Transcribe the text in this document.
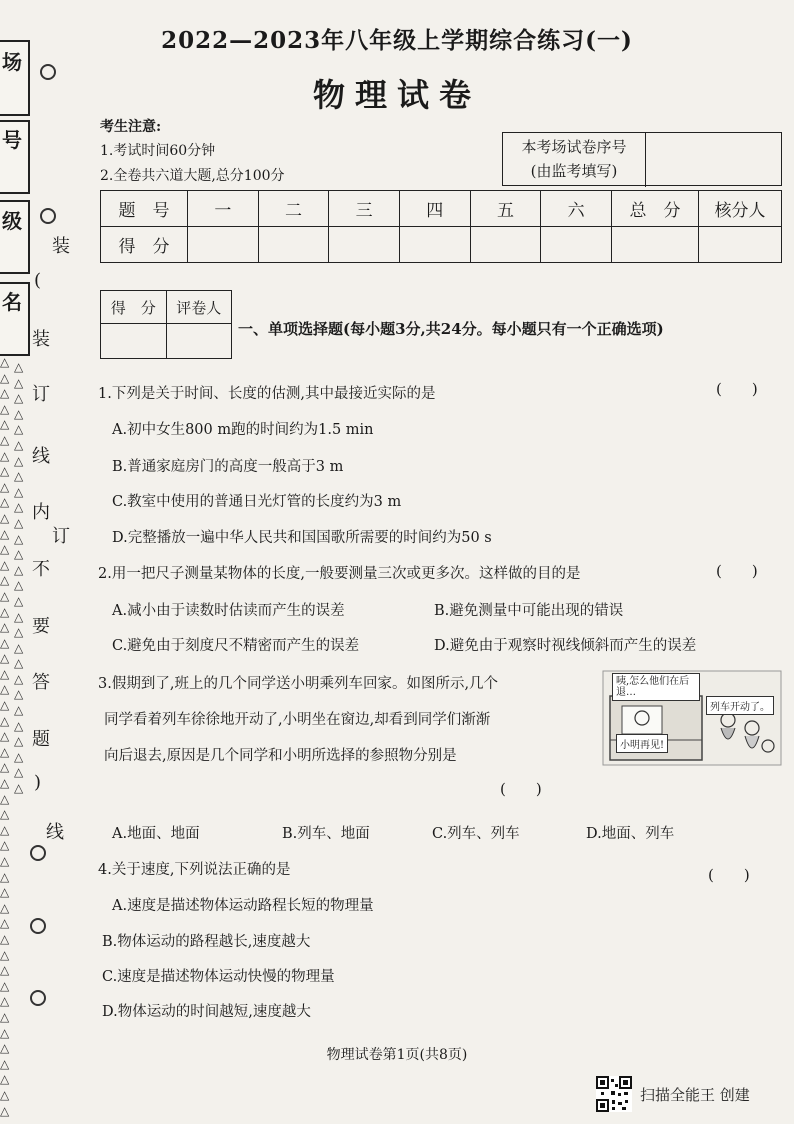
场
号
级
名
装
(
装
订
线
内
不
要
答
题
)
线
订
△
△
△
△
△
△
△
△
△
△
△
△
△
△
△
△
△
△
△
△
△
△
△
△
△
△
△
△
△
△
△
△
△
△
△
△
△
△
△
△
△
△
△
△
△
△
△
△
△
△
△
△
△
△
△
△
△
△
△
△
△
△
△
△
△
△
△
△
△
△
△
△
△
△
△
△
△
2022—2023年八年级上学期综合练习(一)
物理试卷
考生注意:
1.考试时间60分钟
2.全卷共六道大题,总分100分
本考场试卷序号
(由监考填写)
题　号	一	二	三	四	五	六	总　分	核分人
得　分								
得　分	评卷人

一、单项选择题(每小题3分,共24分。每小题只有一个正确选项)
1.下列是关于时间、长度的估测,其中最接近实际的是	(　　)
A.初中女生800 m跑的时间约为1.5 min
B.普通家庭房门的高度一般高于3 m
C.教室中使用的普通日光灯管的长度约为3 m
D.完整播放一遍中华人民共和国国歌所需要的时间约为50 s
2.用一把尺子测量某物体的长度,一般要测量三次或更多次。这样做的目的是	(　　)
A.减小由于读数时估读而产生的误差	B.避免测量中可能出现的错误
C.避免由于刻度尺不精密而产生的误差	D.避免由于观察时视线倾斜而产生的误差
3.假期到了,班上的几个同学送小明乘列车回家。如图所示,几个
同学看着列车徐徐地开动了,小明坐在窗边,却看到同学们渐渐
向后退去,原因是几个同学和小明所选择的参照物分别是
(　　)
咦,怎么他们在后退…
列车开动了。
小明再见!
A.地面、地面	B.列车、地面	C.列车、列车	D.地面、列车
4.关于速度,下列说法正确的是	(　　)
A.速度是描述物体运动路程长短的物理量
B.物体运动的路程越长,速度越大
C.速度是描述物体运动快慢的物理量
D.物体运动的时间越短,速度越大
物理试卷第1页(共8页)
扫描全能王 创建
